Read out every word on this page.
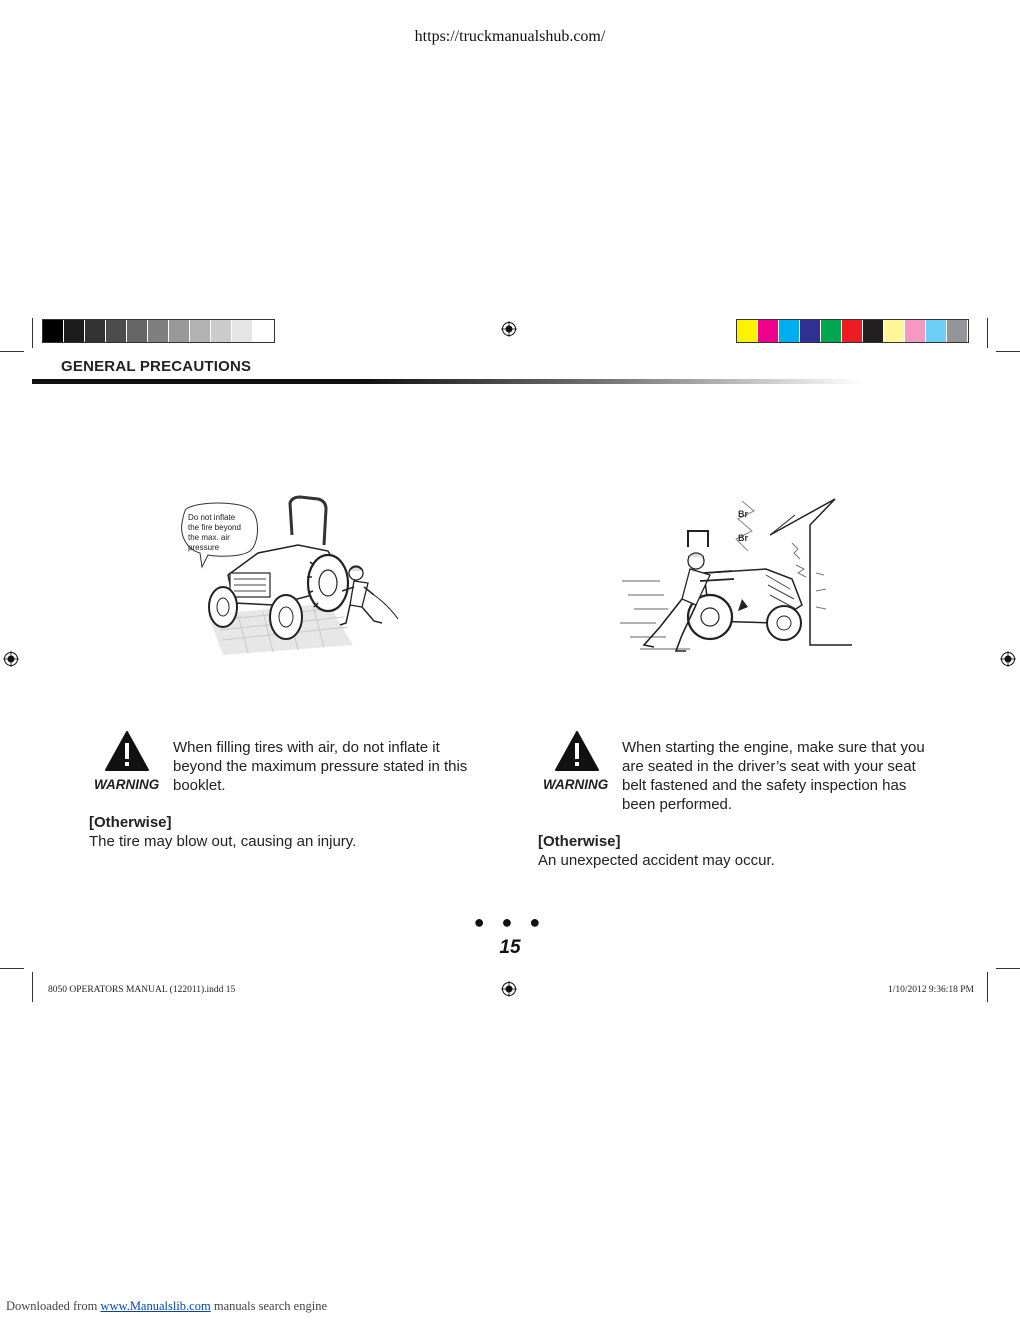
https://truckmanualshub.com/
GENERAL PRECAUTIONS
Do not inflate
the fire beyond
the max. air
pressure
Br
Br
WARNING
When filling tires with air, do not inflate it beyond the maximum pressure stated in this booklet.
[Otherwise]
The tire may blow out, causing an injury.
WARNING
When starting the engine, make sure that you are seated in the driver’s seat with your seat belt fastened and the safety inspection has been performed.
[Otherwise]
An unexpected accident may occur.
● ● ●
15
8050 OPERATORS MANUAL (122011).indd 15	1/10/2012 9:36:18 PM
Downloaded from www.Manualslib.com manuals search engine
